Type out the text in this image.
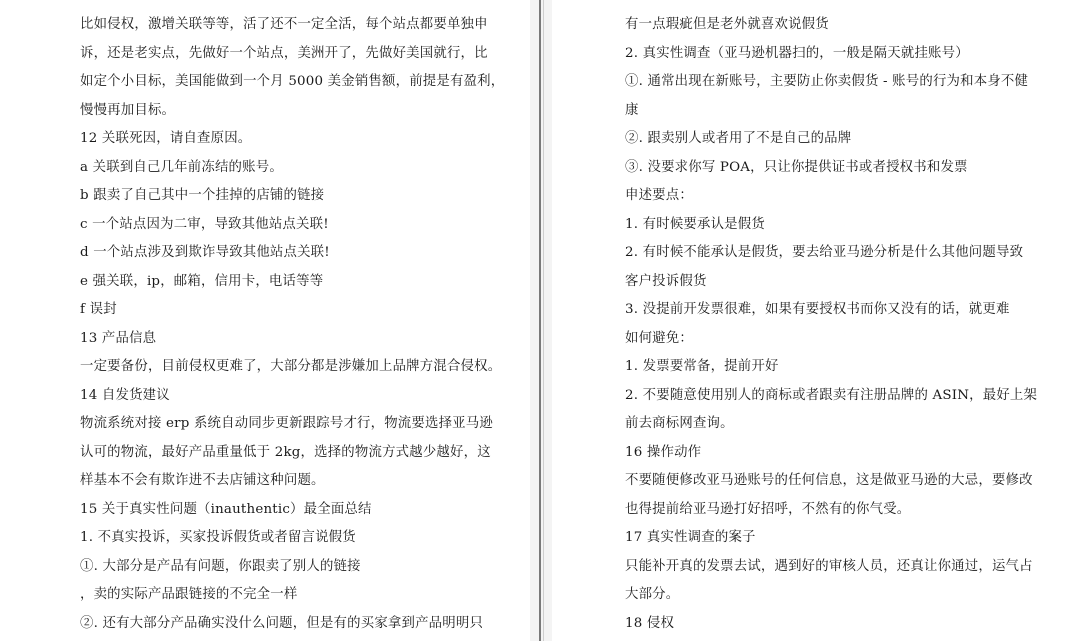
比如侵权，激增关联等等，活了还不一定全活，每个站点都要单独申
诉，还是老实点，先做好一个站点，美洲开了，先做好美国就行，比
如定个小目标，美国能做到一个月 5000 美金销售额，前提是有盈利，
慢慢再加目标。
12 关联死因，请自查原因。
a 关联到自己几年前冻结的账号。
b 跟卖了自己其中一个挂掉的店铺的链接
c 一个站点因为二审，导致其他站点关联!
d 一个站点涉及到欺诈导致其他站点关联!
e 强关联，ip，邮箱，信用卡，电话等等
f 误封
13 产品信息
一定要备份，目前侵权更难了，大部分都是涉嫌加上品牌方混合侵权。
14 自发货建议
物流系统对接 erp 系统自动同步更新跟踪号才行，物流要选择亚马逊
认可的物流，最好产品重量低于 2kg，选择的物流方式越少越好，这
样基本不会有欺诈进不去店铺这种问题。
15 关于真实性问题（inauthentic）最全面总结
1. 不真实投诉，买家投诉假货或者留言说假货
①. 大部分是产品有问题，你跟卖了别人的链接
，卖的实际产品跟链接的不完全一样
②. 还有大部分产品确实没什么问题，但是有的买家拿到产品明明只
有一点瑕疵但是老外就喜欢说假货
2. 真实性调查（亚马逊机器扫的，一般是隔天就挂账号）
①. 通常出现在新账号，主要防止你卖假货 - 账号的行为和本身不健
康
②. 跟卖别人或者用了不是自己的品牌
③. 没要求你写 POA，只让你提供证书或者授权书和发票
申述要点：
1. 有时候要承认是假货
2. 有时候不能承认是假货，要去给亚马逊分析是什么其他问题导致
客户投诉假货
3. 没提前开发票很难，如果有要授权书而你又没有的话，就更难
如何避免：
1. 发票要常备，提前开好
2. 不要随意使用别人的商标或者跟卖有注册品牌的 ASIN，最好上架
前去商标网查询。
16 操作动作
不要随便修改亚马逊账号的任何信息，这是做亚马逊的大忌，要修改
也得提前给亚马逊打好招呼，不然有的你气受。
17 真实性调查的案子
只能补开真的发票去试，遇到好的审核人员，还真让你通过，运气占
大部分。
18 侵权
